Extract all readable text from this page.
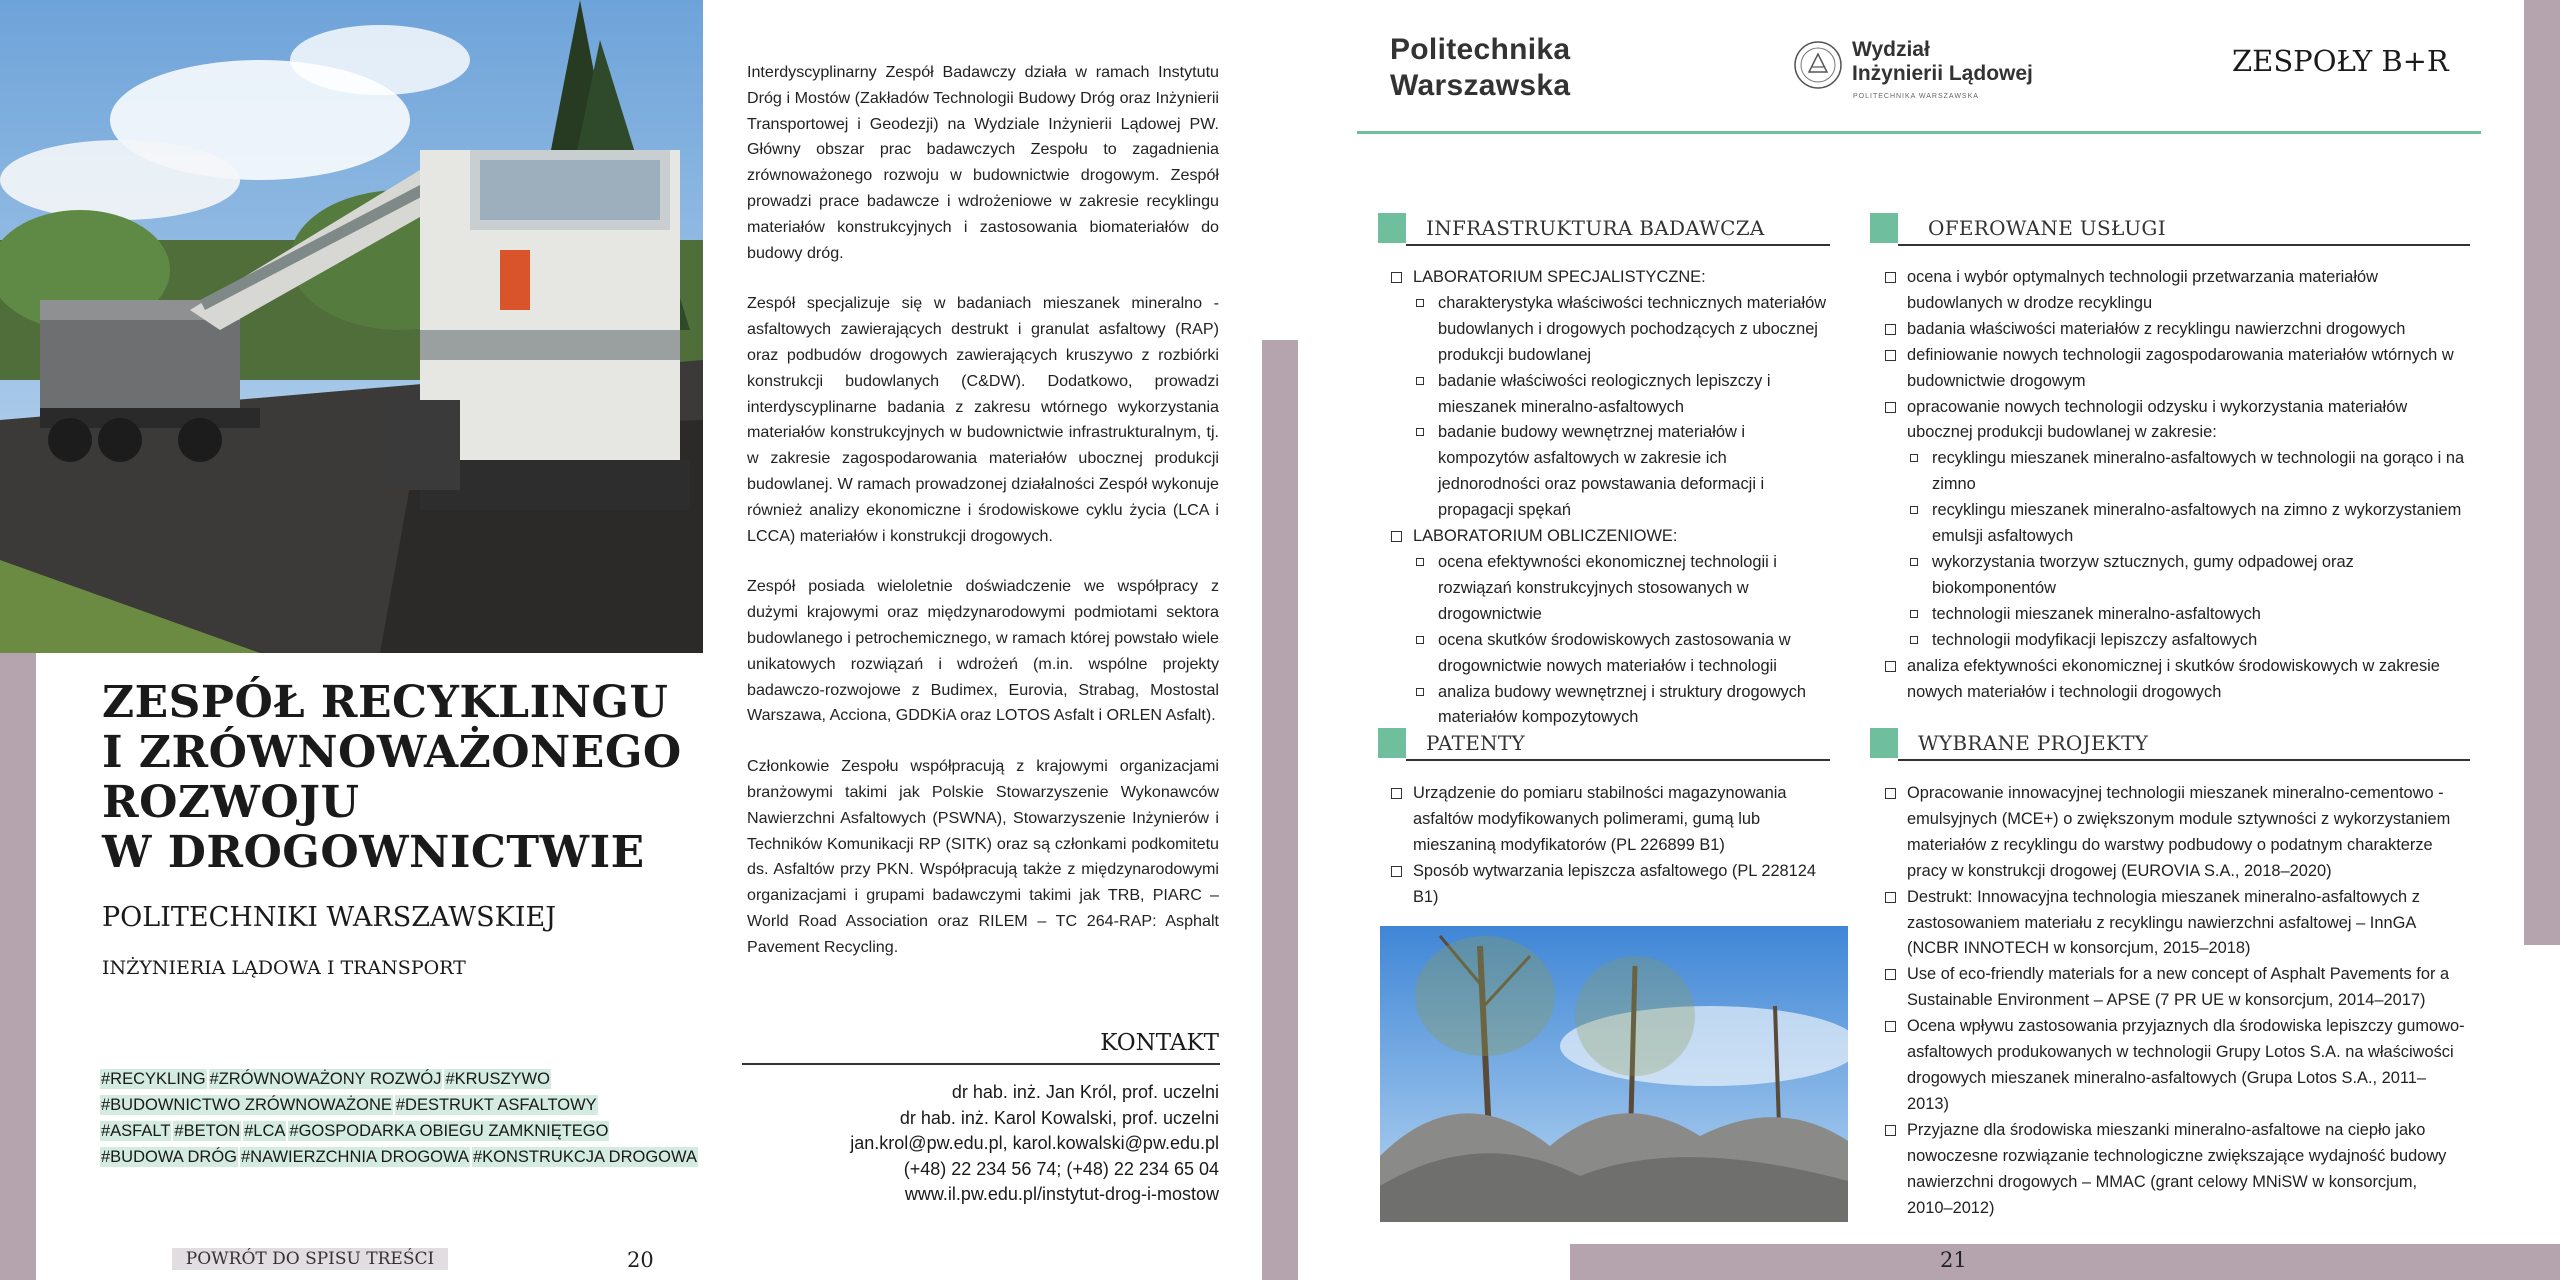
ZESPÓŁ RECYKLINGU
I ZRÓWNOWAŻONEGO
ROZWOJU
W DROGOWNICTWIE
POLITECHNIKI WARSZAWSKIEJ
INŻYNIERIA LĄDOWA I TRANSPORT
#RECYKLING #ZRÓWNOWAŻONY ROZWÓJ #KRUSZYWO
#BUDOWNICTWO ZRÓWNOWAŻONE #DESTRUKT ASFALTOWY
#ASFALT #BETON #LCA #GOSPODARKA OBIEGU ZAMKNIĘTEGO
#BUDOWA DRÓG #NAWIERZCHNIA DROGOWA #KONSTRUKCJA DROGOWA
POWRÓT DO SPISU TREŚCI	20

Interdyscyplinarny Zespół Badawczy działa w ramach Instytutu Dróg i Mostów (Zakładów Technologii Budowy Dróg oraz Inżynierii Transportowej i Geodezji) na Wydziale Inżynierii Lądowej PW. Główny obszar prac badawczych Zespołu to zagadnienia zrównoważonego rozwoju w budownictwie drogowym. Zespół prowadzi prace badawcze i wdrożeniowe w zakresie recyklingu materiałów konstrukcyjnych i zastosowania biomateriałów do budowy dróg.

Zespół specjalizuje się w badaniach mieszanek mineralno -asfaltowych zawierających destrukt i granulat asfaltowy (RAP) oraz podbudów drogowych zawierających kruszywo z rozbiórki konstrukcji budowlanych (C&DW). Dodatkowo, prowadzi interdyscyplinarne badania z zakresu wtórnego wykorzystania materiałów konstrukcyjnych w budownictwie infrastrukturalnym, tj. w zakresie zagospodarowania materiałów ubocznej produkcji budowlanej. W ramach prowadzonej działalności Zespół wykonuje również analizy ekonomiczne i środowiskowe cyklu życia (LCA i LCCA) materiałów i konstrukcji drogowych.

Zespół posiada wieloletnie doświadczenie we współpracy z dużymi krajowymi oraz międzynarodowymi podmiotami sektora budowlanego i petrochemicznego, w ramach której powstało wiele unikatowych rozwiązań i wdrożeń (m.in. wspólne projekty badawczo-rozwojowe z Budimex, Eurovia, Strabag, Mostostal Warszawa, Acciona, GDDKiA oraz LOTOS Asfalt i ORLEN Asfalt).

Członkowie Zespołu współpracują z krajowymi organizacjami branżowymi takimi jak Polskie Stowarzyszenie Wykonawców Nawierzchni Asfaltowych (PSWNA), Stowarzyszenie Inżynierów i Techników Komunikacji RP (SITK) oraz są członkami podkomitetu ds. Asfaltów przy PKN. Współpracują także z międzynarodowymi organizacjami i grupami badawczymi takimi jak TRB, PIARC – World Road Association oraz RILEM – TC 264-RAP: Asphalt Pavement Recycling.

KONTAKT
dr hab. inż. Jan Król, prof. uczelni
dr hab. inż. Karol Kowalski, prof. uczelni
jan.krol@pw.edu.pl, karol.kowalski@pw.edu.pl
(+48) 22 234 56 74; (+48) 22 234 65 04
www.il.pw.edu.pl/instytut-drog-i-mostow
Politechnika
Warszawska
Wydział
Inżynierii Lądowej
POLITECHNIKA WARSZAWSKA
ZESPOŁY B+R
INFRASTRUKTURA BADAWCZA
LABORATORIUM SPECJALISTYCZNE:
charakterystyka właściwości technicznych materiałów budowlanych i drogowych pochodzących z ubocznej produkcji budowlanej
badanie właściwości reologicznych lepiszczy i mieszanek mineralno-asfaltowych
badanie budowy wewnętrznej materiałów i kompozytów asfaltowych w zakresie ich jednorodności oraz powstawania deformacji i propagacji spękań
LABORATORIUM OBLICZENIOWE:
ocena efektywności ekonomicznej technologii i rozwiązań konstrukcyjnych stosowanych w drogownictwie
ocena skutków środowiskowych zastosowania w drogownictwie nowych materiałów i technologii
analiza budowy wewnętrznej i struktury drogowych materiałów kompozytowych
OFEROWANE USŁUGI
ocena i wybór optymalnych technologii przetwarzania materiałów budowlanych w drodze recyklingu
badania właściwości materiałów z recyklingu nawierzchni drogowych
definiowanie nowych technologii zagospodarowania materiałów wtórnych w budownictwie drogowym
opracowanie nowych technologii odzysku i wykorzystania materiałów ubocznej produkcji budowlanej w zakresie:
recyklingu mieszanek mineralno-asfaltowych w technologii na gorąco i na zimno
recyklingu mieszanek mineralno-asfaltowych na zimno z wykorzystaniem emulsji asfaltowych
wykorzystania tworzyw sztucznych, gumy odpadowej oraz biokomponentów
technologii mieszanek mineralno-asfaltowych
technologii modyfikacji lepiszczy asfaltowych
analiza efektywności ekonomicznej i skutków środowiskowych w zakresie nowych materiałów i technologii drogowych
PATENTY
Urządzenie do pomiaru stabilności magazynowania asfaltów modyfikowanych polimerami, gumą lub mieszaniną modyfikatorów (PL 226899 B1)
Sposób wytwarzania lepiszcza asfaltowego (PL 228124 B1)
WYBRANE PROJEKTY
Opracowanie innowacyjnej technologii mieszanek mineralno-cementowo -emulsyjnych (MCE+) o zwiększonym module sztywności z wykorzystaniem materiałów z recyklingu do warstwy podbudowy o podatnym charakterze pracy w konstrukcji drogowej (EUROVIA S.A., 2018–2020)
Destrukt: Innowacyjna technologia mieszanek mineralno-asfaltowych z zastosowaniem materiału z recyklingu nawierzchni asfaltowej – InnGA (NCBR INNOTECH w konsorcjum, 2015–2018)
Use of eco-friendly materials for a new concept of Asphalt Pavements for a Sustainable Environment – APSE (7 PR UE w konsorcjum, 2014–2017)
Ocena wpływu zastosowania przyjaznych dla środowiska lepiszczy gumowo-asfaltowych produkowanych w technologii Grupy Lotos S.A. na właściwości drogowych mieszanek mineralno-asfaltowych (Grupa Lotos S.A., 2011–2013)
Przyjazne dla środowiska mieszanki mineralno-asfaltowe na ciepło jako nowoczesne rozwiązanie technologiczne zwiększające wydajność budowy nawierzchni drogowych – MMAC (grant celowy MNiSW w konsorcjum, 2010–2012)
21
